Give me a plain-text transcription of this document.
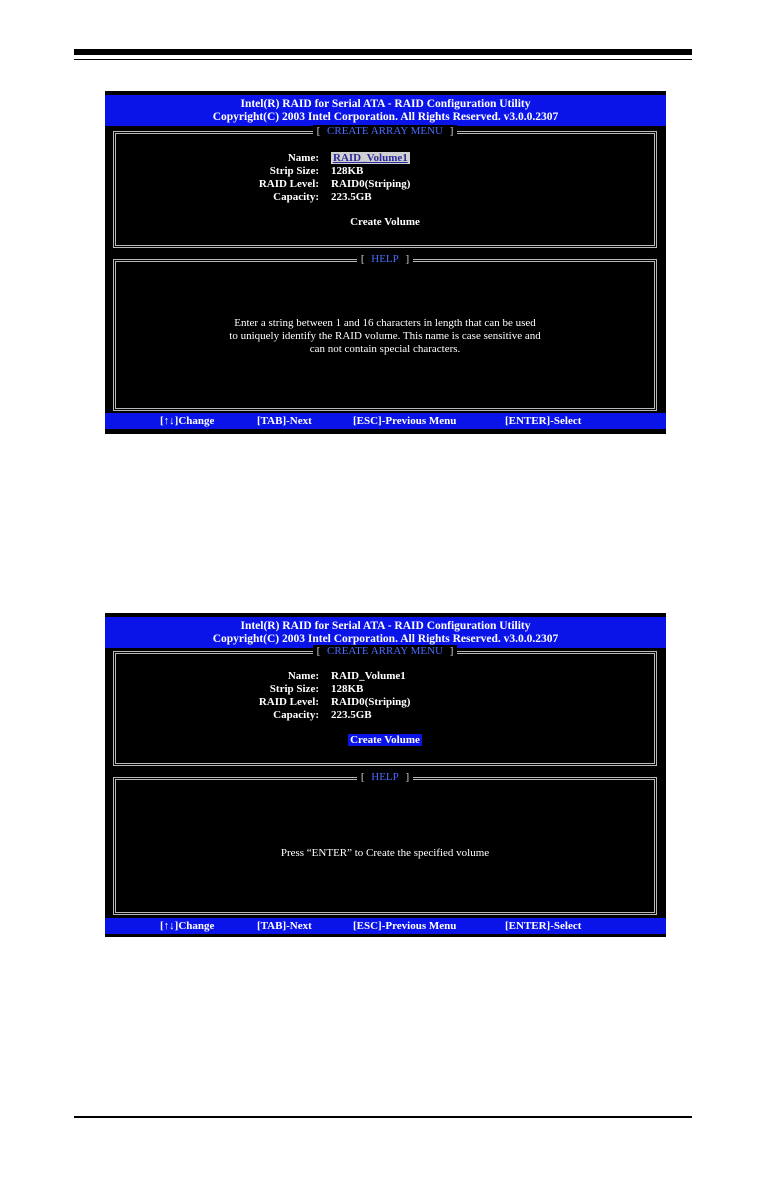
Intel(R) RAID for Serial ATA - RAID Configuration Utility
Copyright(C) 2003 Intel Corporation. All Rights Reserved. v3.0.0.2307
[ CREATE ARRAY MENU ]
Name: RAID_Volume1
Strip Size: 128KB
RAID Level: RAID0(Striping)
Capacity: 223.5GB
Create Volume
[ HELP ]
Enter a string between 1 and 16 characters in length that can be used
to uniquely identify the RAID volume. This name is case sensitive and
can not contain special characters.
[↑↓]Change	[TAB]-Next	[ESC]-Previous Menu	[ENTER]-Select
Intel(R) RAID for Serial ATA - RAID Configuration Utility
Copyright(C) 2003 Intel Corporation. All Rights Reserved. v3.0.0.2307
[ CREATE ARRAY MENU ]
Name: RAID_Volume1
Strip Size: 128KB
RAID Level: RAID0(Striping)
Capacity: 223.5GB
Create Volume
[ HELP ]
Press “ENTER” to Create the specified volume
[↑↓]Change	[TAB]-Next	[ESC]-Previous Menu	[ENTER]-Select
